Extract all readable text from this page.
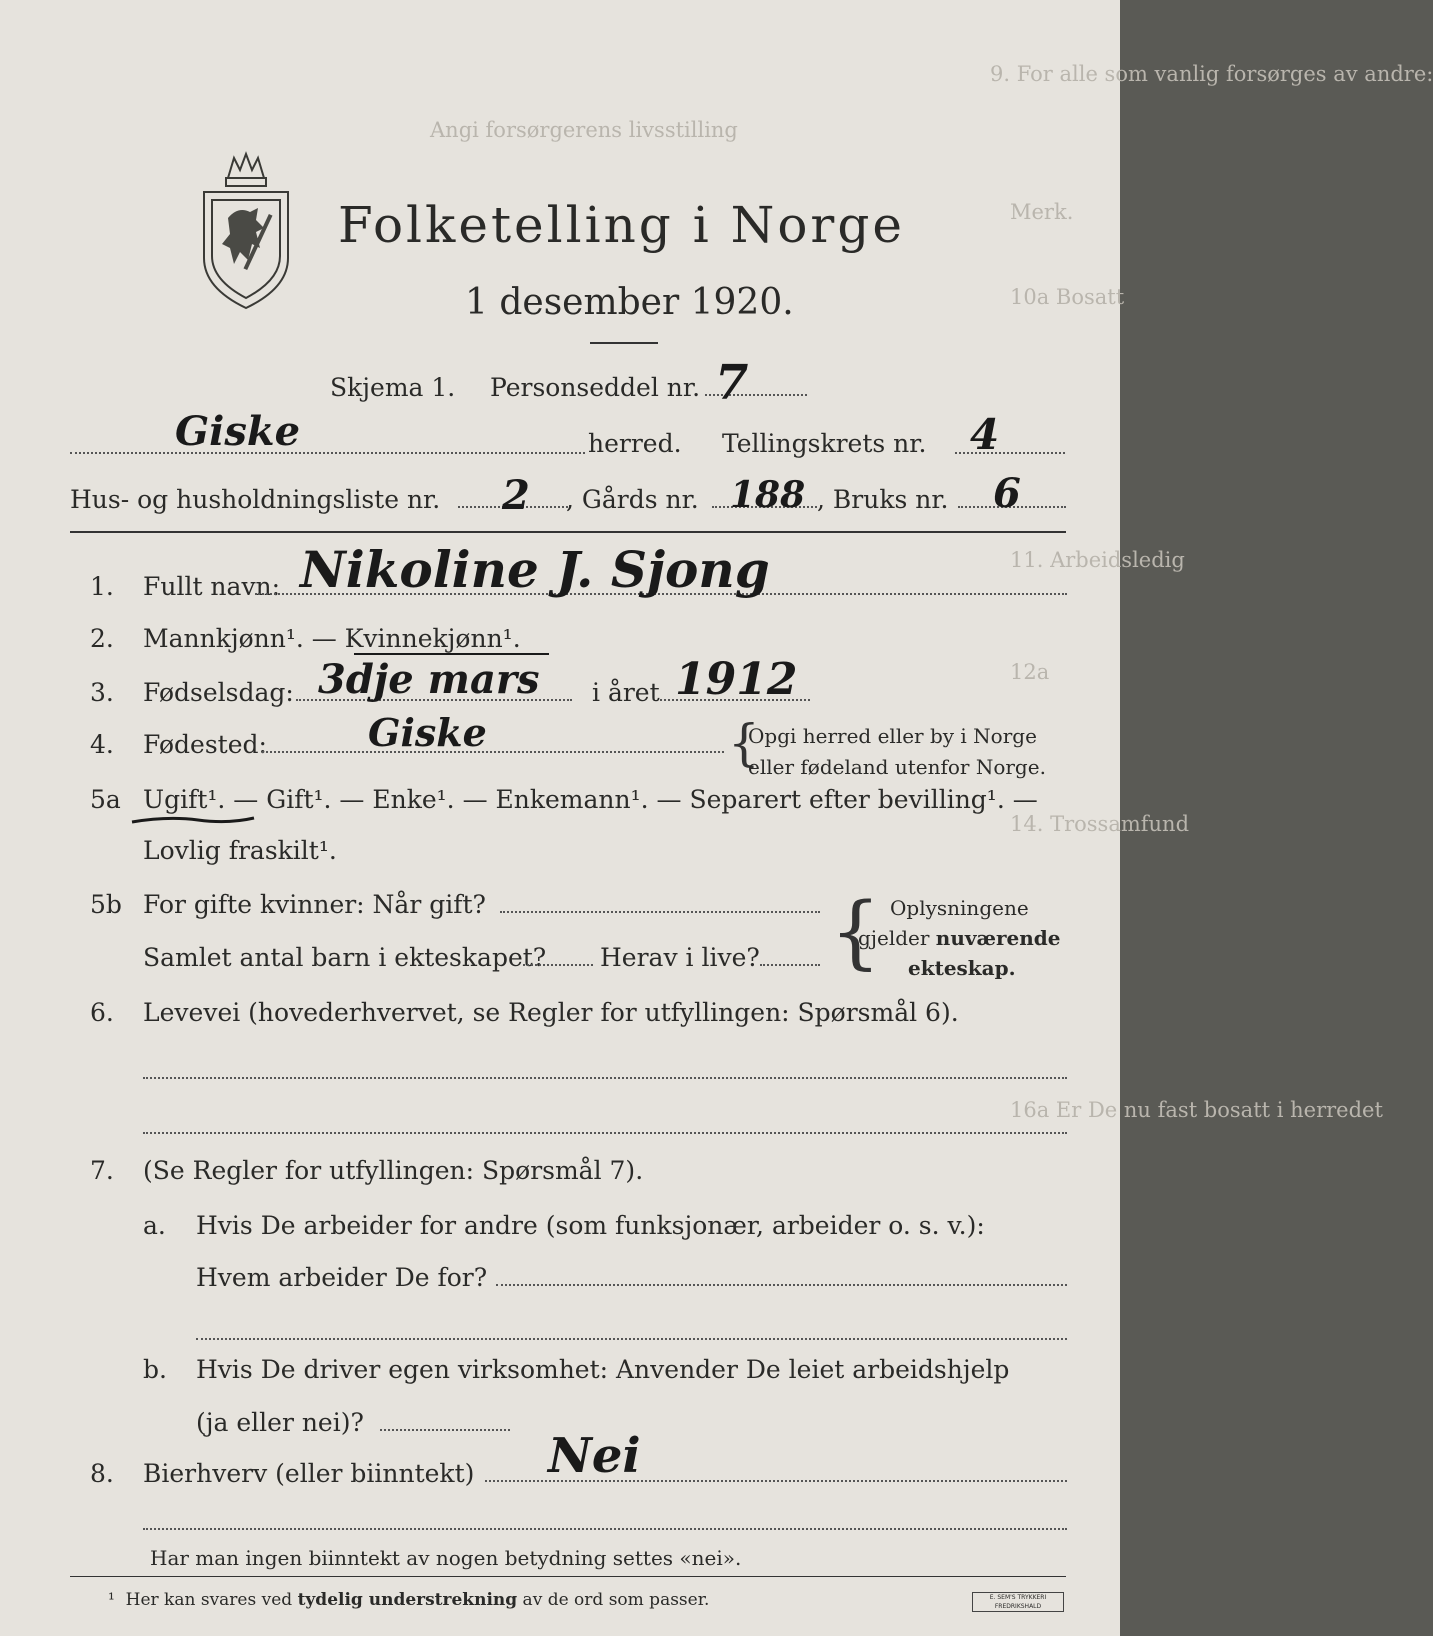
9. For alle som vanlig forsørges av andre:
Angi forsørgerens livsstilling
Merk.
10a Bosatt
11. Arbeidsledig
12a
14. Trossamfund
16a Er De nu fast bosatt i herredet
Folketelling i Norge
1 desember 1920.
Skjema 1. Personseddel nr. 7
Giske	herred. Tellingskrets nr. 4
Hus- og husholdningsliste nr. 2 , Gårds nr. 188 , Bruks nr. 6
1. Fullt navn: Nikoline J. Sjong
2. Mannkjønn¹. — Kvinnekjønn¹.
3. Fødselsdag: 3dje mars i året 1912
4. Fødested:	Giske	{
Opgi herred eller by i Norge
eller fødeland utenfor Norge.
5a Ugift¹. — Gift¹. — Enke¹. — Enkemann¹. — Separert efter bevilling¹. —
Lovlig fraskilt¹.
5b For gifte kvinner: Når gift?
Samlet antal barn i ekteskapet? Herav i live? { Oplysningene
gjelder nuværende
ekteskap.
6. Levevei (hovederhvervet, se Regler for utfyllingen: Spørsmål 6).
7. (Se Regler for utfyllingen: Spørsmål 7).
a. Hvis De arbeider for andre (som funksjonær, arbeider o. s. v.):
Hvem arbeider De for?
b. Hvis De driver egen virksomhet: Anvender De leiet arbeidshjelp
(ja eller nei)?
8. Bierhverv (eller biinntekt) Nei
Har man ingen biinntekt av nogen betydning settes «nei».
¹ Her kan svares ved tydelig understrekning av de ord som passer.	E. SEM'S TRYKKERI FREDRIKSHALD
